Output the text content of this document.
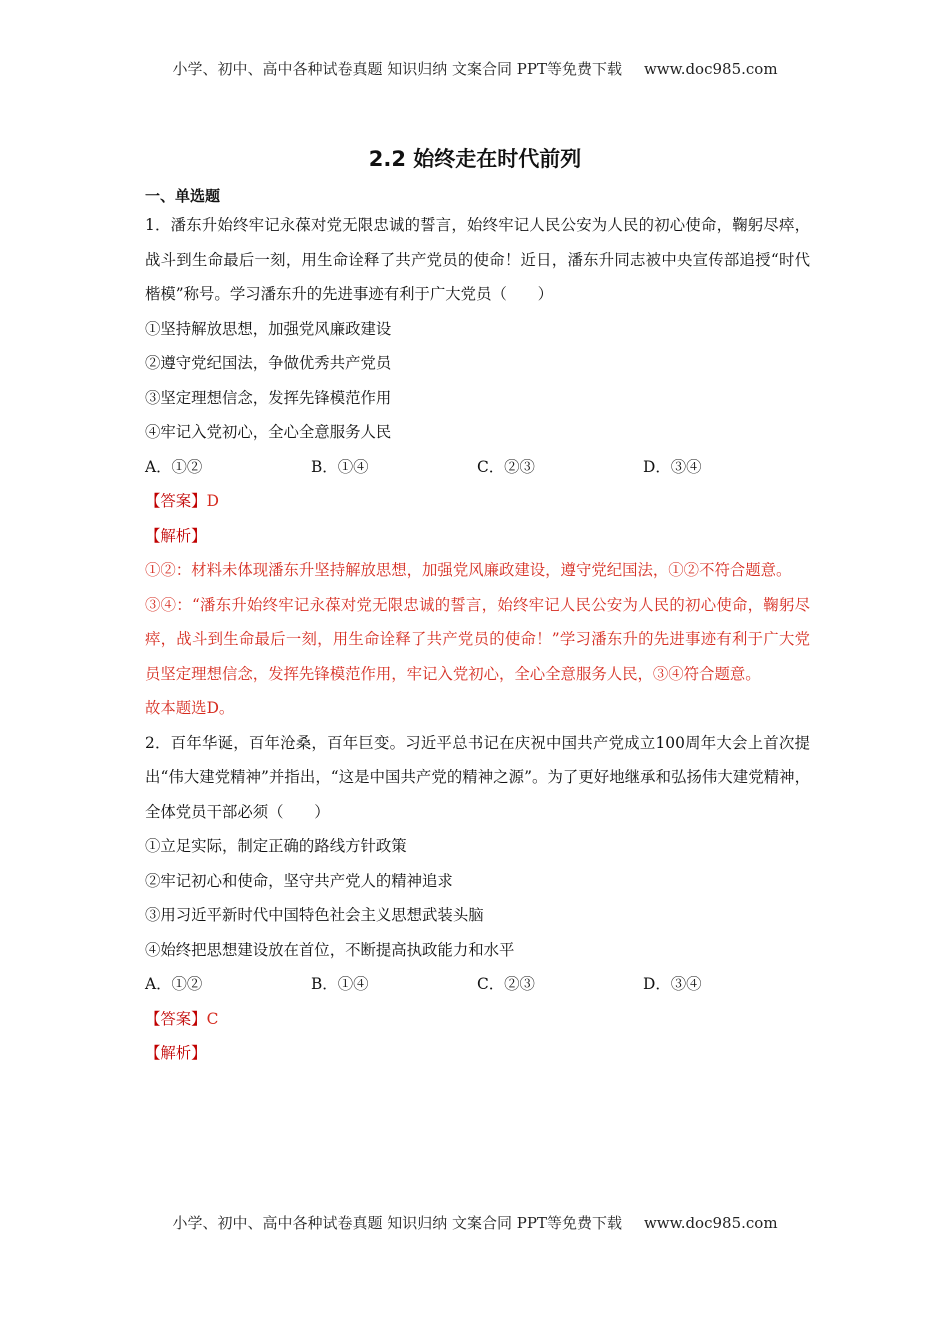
小学、初中、高中各种试卷真题 知识归纳 文案合同 PPT等免费下载 www.doc985.com
2.2 始终走在时代前列
一、单选题
1．潘东升始终牢记永葆对党无限忠诚的誓言，始终牢记人民公安为人民的初心使命，鞠躬尽瘁，战斗到生命最后一刻，用生命诠释了共产党员的使命！近日，潘东升同志被中央宣传部追授“时代楷模”称号。学习潘东升的先进事迹有利于广大党员（　　）
①坚持解放思想，加强党风廉政建设
②遵守党纪国法，争做优秀共产党员
③坚定理想信念，发挥先锋模范作用
④牢记入党初心，全心全意服务人民
A．①②	B．①④	C．②③	D．③④
【答案】D
【解析】
①②：材料未体现潘东升坚持解放思想，加强党风廉政建设，遵守党纪国法，①②不符合题意。
③④：“潘东升始终牢记永葆对党无限忠诚的誓言，始终牢记人民公安为人民的初心使命，鞠躬尽瘁，战斗到生命最后一刻，用生命诠释了共产党员的使命！”学习潘东升的先进事迹有利于广大党员坚定理想信念，发挥先锋模范作用，牢记入党初心，全心全意服务人民，③④符合题意。
故本题选D。
2．百年华诞，百年沧桑，百年巨变。习近平总书记在庆祝中国共产党成立100周年大会上首次提出“伟大建党精神”并指出，“这是中国共产党的精神之源”。为了更好地继承和弘扬伟大建党精神，全体党员干部必须（　　）
①立足实际，制定正确的路线方针政策
②牢记初心和使命，坚守共产党人的精神追求
③用习近平新时代中国特色社会主义思想武装头脑
④始终把思想建设放在首位，不断提高执政能力和水平
A．①②	B．①④	C．②③	D．③④
【答案】C
【解析】
小学、初中、高中各种试卷真题 知识归纳 文案合同 PPT等免费下载 www.doc985.com
